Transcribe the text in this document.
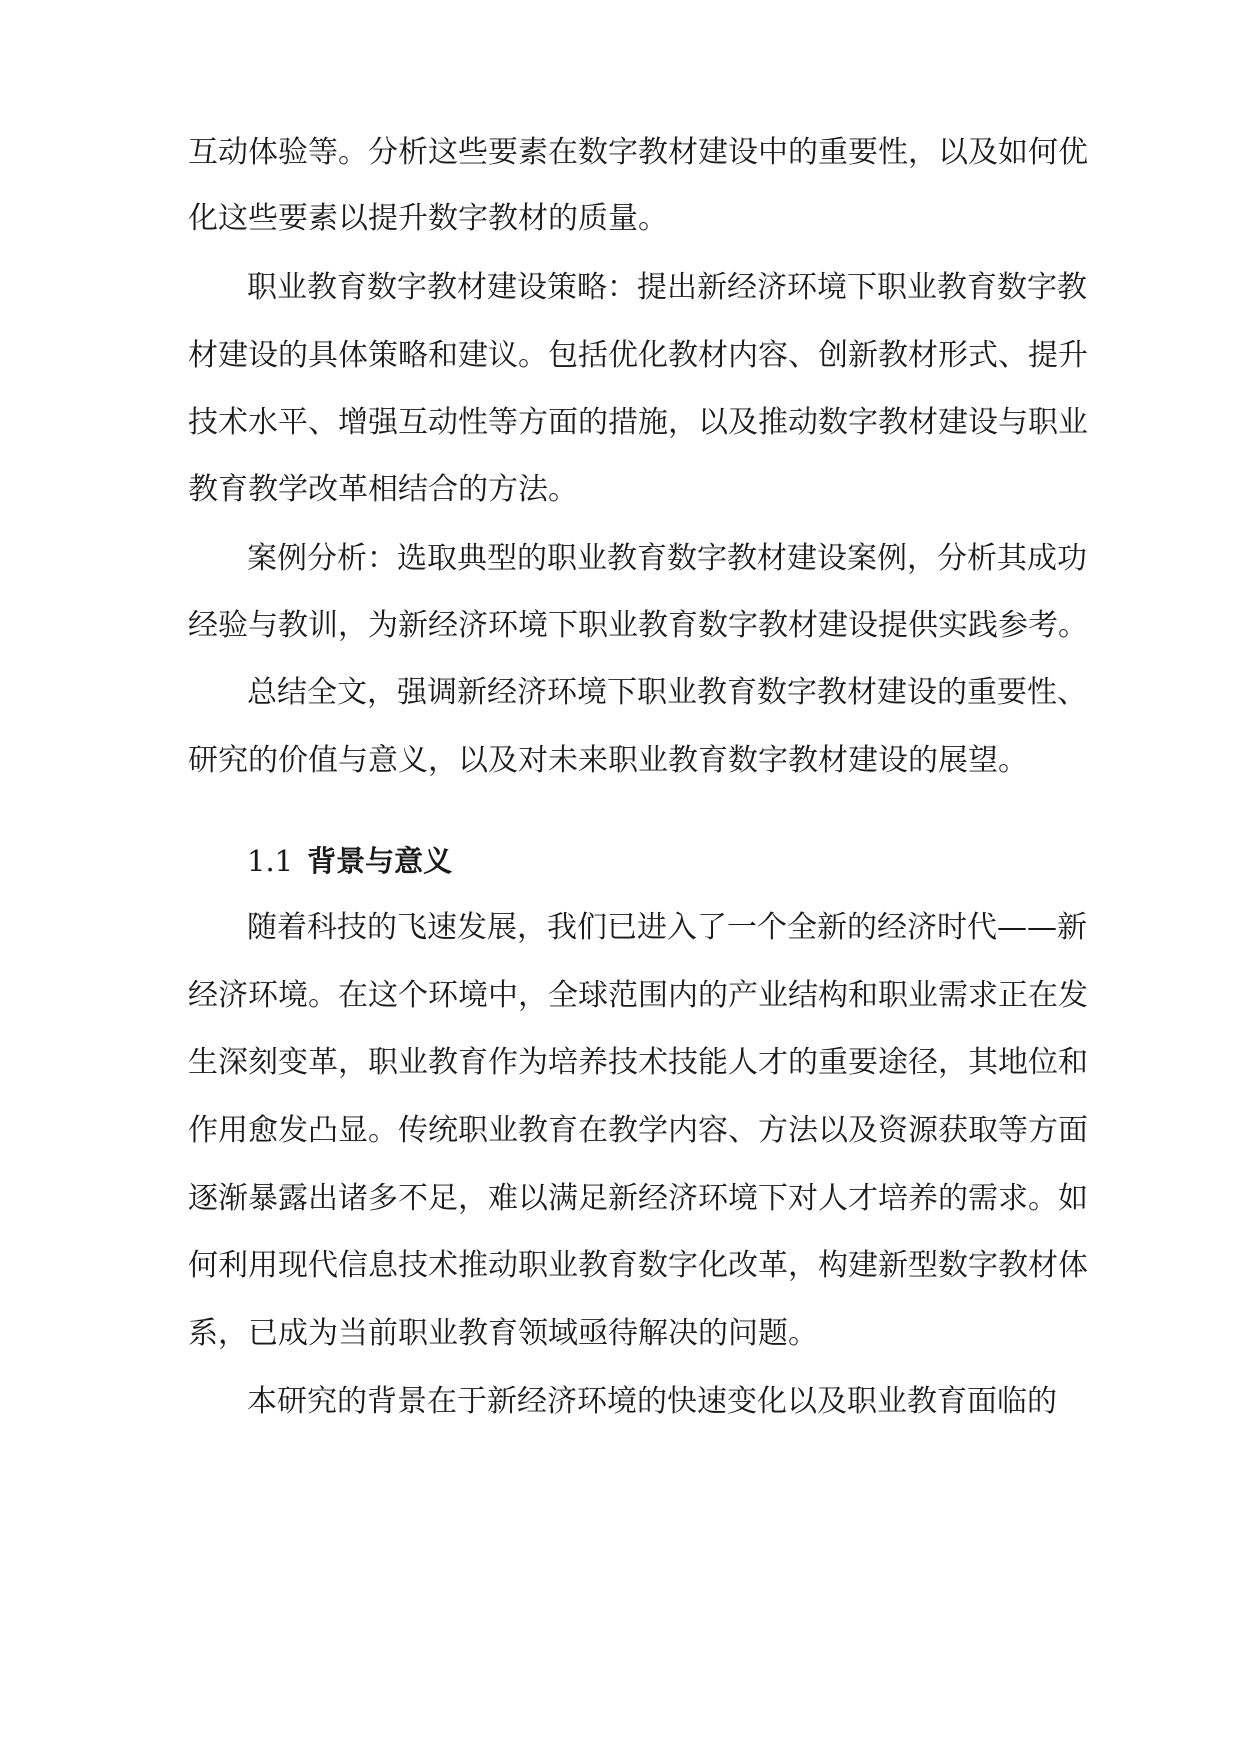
互动体验等。分析这些要素在数字教材建设中的重要性，以及如何优
化这些要素以提升数字教材的质量。
职业教育数字教材建设策略：提出新经济环境下职业教育数字教
材建设的具体策略和建议。包括优化教材内容、创新教材形式、提升
技术水平、增强互动性等方面的措施，以及推动数字教材建设与职业
教育教学改革相结合的方法。
案例分析：选取典型的职业教育数字教材建设案例，分析其成功
经验与教训，为新经济环境下职业教育数字教材建设提供实践参考。
总结全文，强调新经济环境下职业教育数字教材建设的重要性、
研究的价值与意义，以及对未来职业教育数字教材建设的展望。
1.1 背景与意义
随着科技的飞速发展，我们已进入了一个全新的经济时代——新
经济环境。在这个环境中，全球范围内的产业结构和职业需求正在发
生深刻变革，职业教育作为培养技术技能人才的重要途径，其地位和
作用愈发凸显。传统职业教育在教学内容、方法以及资源获取等方面
逐渐暴露出诸多不足，难以满足新经济环境下对人才培养的需求。如
何利用现代信息技术推动职业教育数字化改革，构建新型数字教材体
系，已成为当前职业教育领域亟待解决的问题。
本研究的背景在于新经济环境的快速变化以及职业教育面临的
